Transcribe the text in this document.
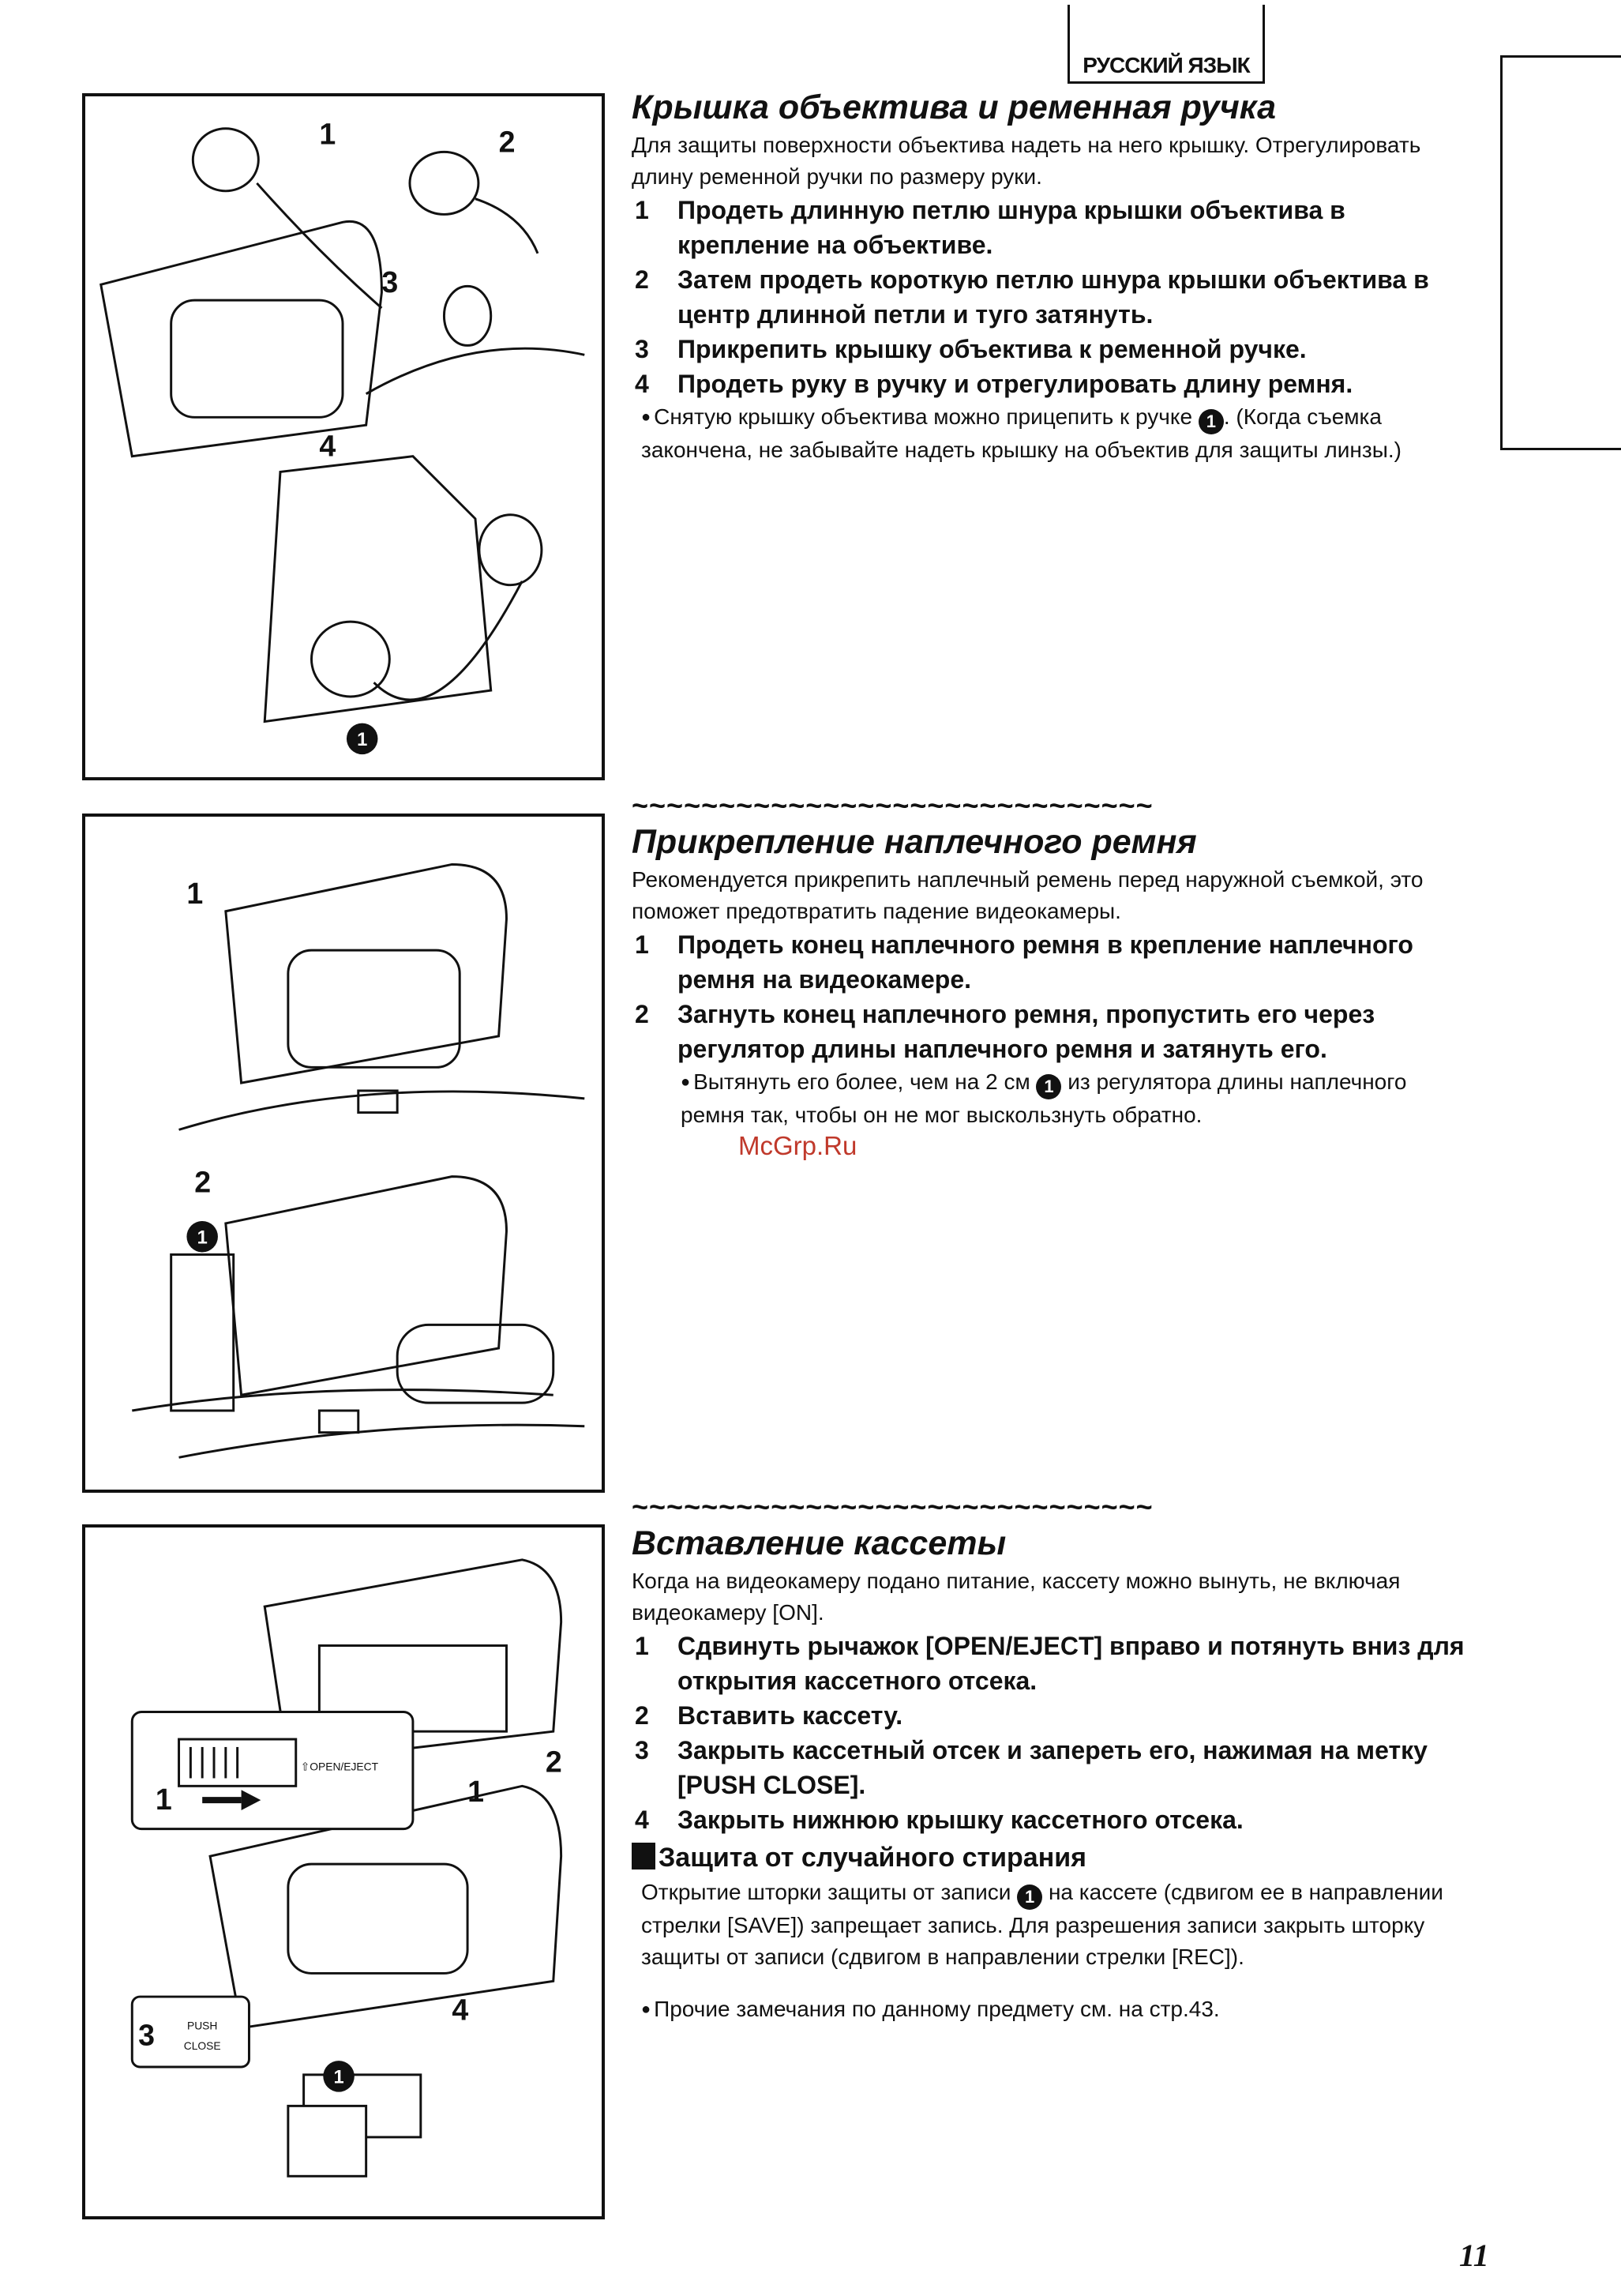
РУССКИЙ ЯЗЫК
1	2
3
4
1
1
2
1
⇧OPEN/EJECT
1	1
2
3	PUSH
CLOSE
4
1
Крышка объектива и ременная ручка

Для защиты поверхности объектива надеть на него крышку. Отрегулировать длину ременной ручки по размеру руки.

1 Продеть длинную петлю шнура крышки объектива в крепление на объективе.
2 Затем продеть короткую петлю шнура крышки объектива в центр длинной петли и туго затянуть.
3 Прикрепить крышку объектива к ременной ручке.
4 Продеть руку в ручку и отрегулировать длину ремня.
● Снятую крышку объектива можно прицепить к ручке 1 . (Когда съемка закончена, не забывайте надеть крышку на объектив для защиты линзы.)
~~~~~~~~~~~~~~~~~~~~~~~~~~~~~~
Прикрепление наплечного ремня

Рекомендуется прикрепить наплечный ремень перед наружной съемкой, это поможет предотвратить падение видеокамеры.

1 Продеть конец наплечного ремня в крепление наплечного ремня на видеокамере.
2 Загнуть конец наплечного ремня, пропустить его через регулятор длины наплечного ремня и затянуть его.
● Вытянуть его более, чем на 2 см 1 из регулятора длины наплечного ремня так, чтобы он не мог выскользнуть обратно.
~~~~~~~~~~~~~~~~~~~~~~~~~~~~~~
Вставление кассеты

Когда на видеокамеру подано питание, кассету можно вынуть, не включая видеокамеру [ON].

1 Сдвинуть рычажок [OPEN/EJECT] вправо и потянуть вниз для открытия кассетного отсека.
2 Вставить кассету.
3 Закрыть кассетный отсек и запереть его, нажимая на метку [PUSH CLOSE].
4 Закрыть нижнюю крышку кассетного отсека.
Защита от случайного стирания
Открытие шторки защиты от записи 1 на кассете (сдвигом ее в направлении стрелки [SAVE]) запрещает запись. Для разрешения записи закрыть шторку защиты от записи (сдвигом в направлении стрелки [REC]).
● Прочие замечания по данному предмету см. на стр.43.
McGrp.Ru
11
